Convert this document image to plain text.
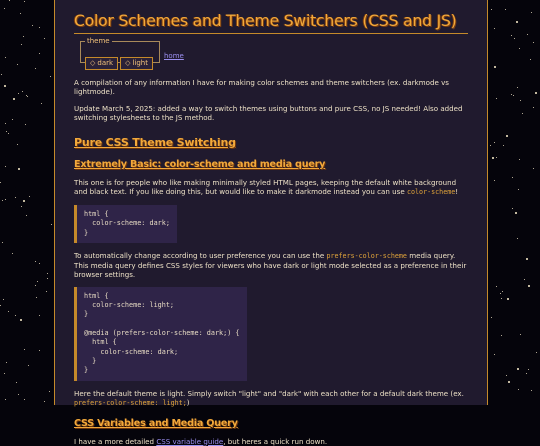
Color Schemes and Theme Switchers (CSS and JS)
theme
◇ dark ◇ light
home

A compilation of any information I have for making color schemes and theme switchers (ex. darkmode vs lightmode).

Update March 5, 2025: added a way to switch themes using buttons and pure CSS, no JS needed! Also added switching stylesheets to the JS method.

Pure CSS Theme Switching
Extremely Basic: color-scheme and media query

This one is for people who like making minimally styled HTML pages, keeping the default white background and black text. If you like doing this, but would like to make it darkmode instead you can use color-scheme!

html {
color-scheme: dark;
}

To automatically change according to user preference you can use the prefers-color-scheme media query. This media query defines CSS styles for viewers who have dark or light mode selected as a preference in their browser settings.

html {
color-scheme: light;
}

@media (prefers-color-scheme: dark;) {
html {
color-scheme: dark;
}
}

Here the default theme is light. Simply switch "light" and "dark" with each other for a default dark theme (ex. prefers-color-scheme: light;)

CSS Variables and Media Query

I have a more detailed CSS variable guide, but heres a quick run down.
